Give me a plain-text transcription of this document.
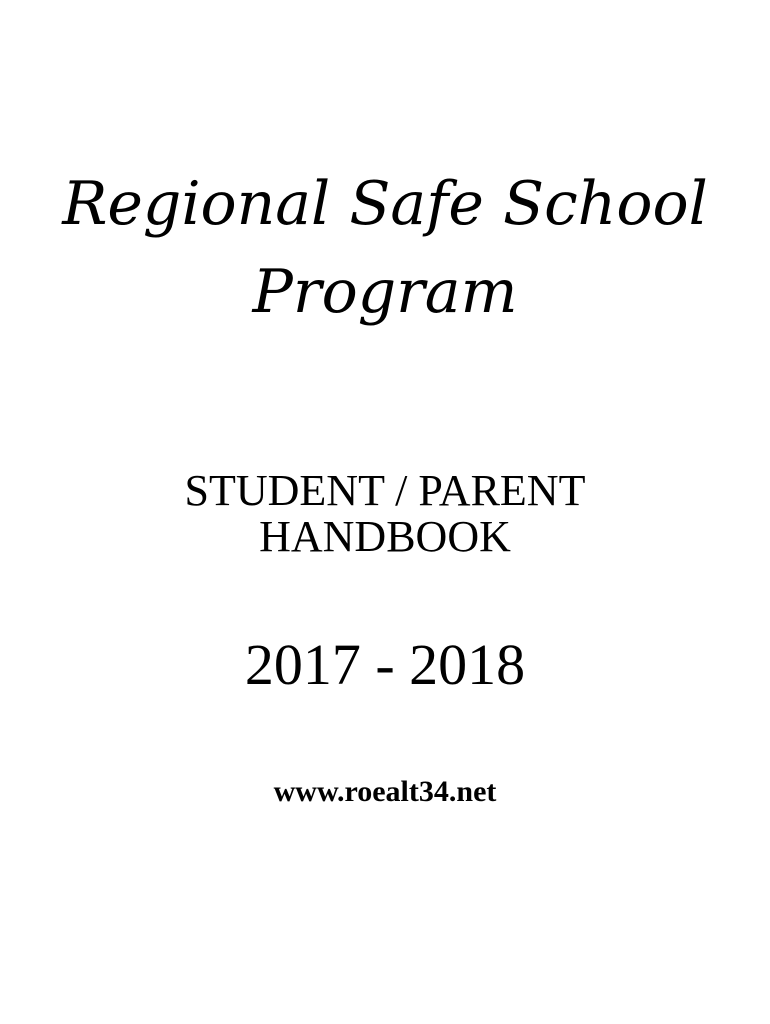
Regional Safe School
Program
STUDENT / PARENT
HANDBOOK
2017 - 2018
www.roealt34.net
